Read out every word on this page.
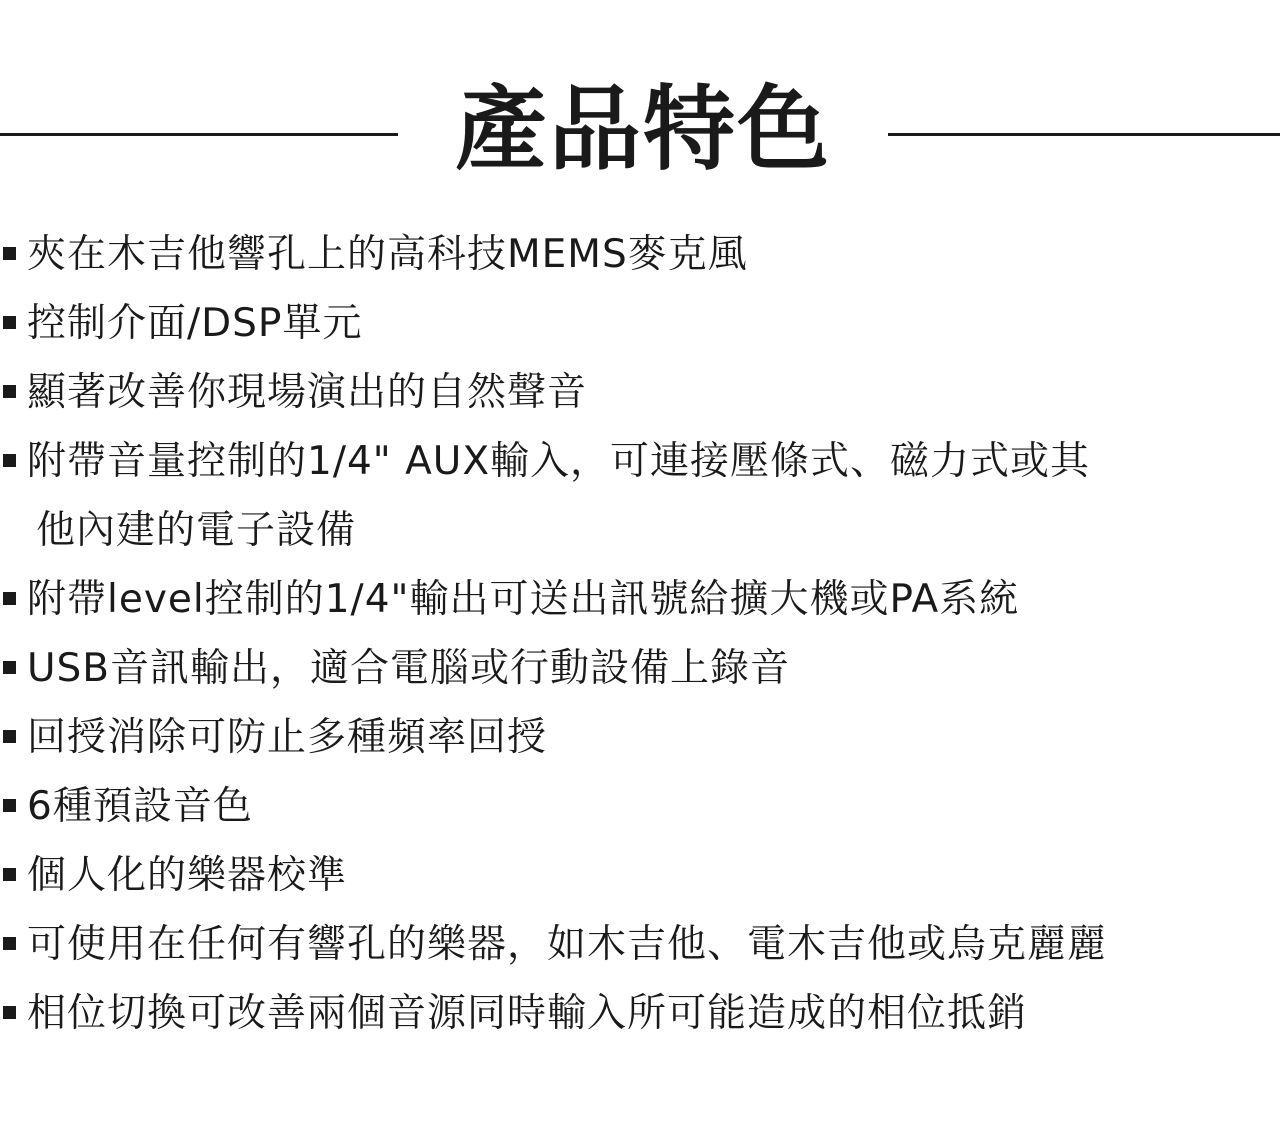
產品特色
夾在木吉他響孔上的高科技MEMS麥克風
控制介面/DSP單元
顯著改善你現場演出的自然聲音
附帶音量控制的1/4" AUX輸入，可連接壓條式、磁力式或其
他內建的電子設備
附帶level控制的1/4"輸出可送出訊號給擴大機或PA系統
USB音訊輸出，適合電腦或行動設備上錄音
回授消除可防止多種頻率回授
6種預設音色
個人化的樂器校準
可使用在任何有響孔的樂器，如木吉他、電木吉他或烏克麗麗
相位切換可改善兩個音源同時輸入所可能造成的相位抵銷
